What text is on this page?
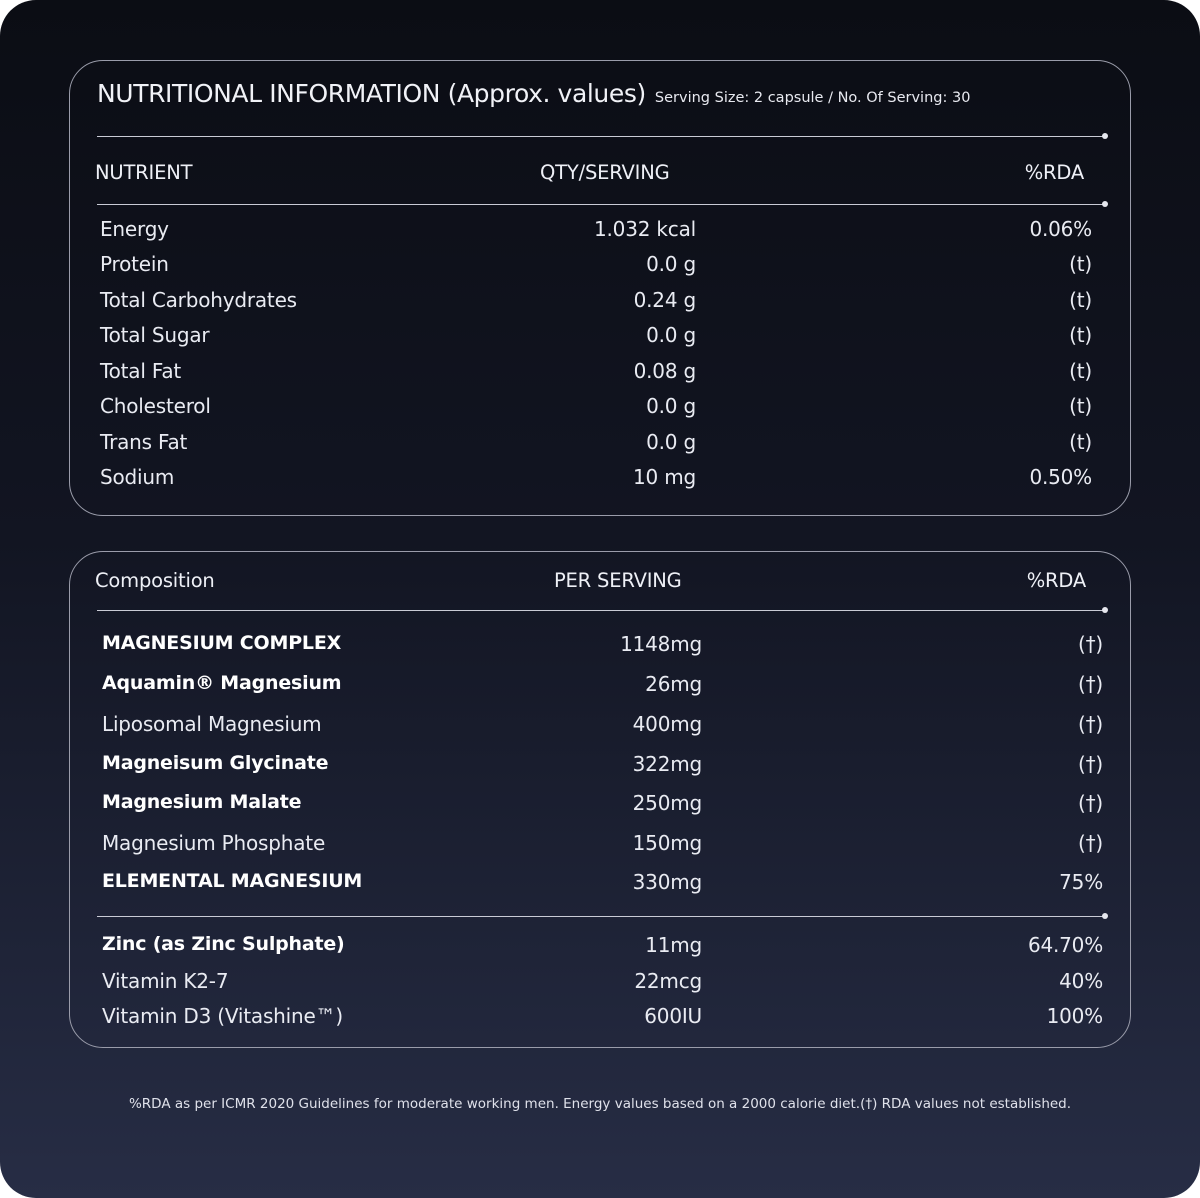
NUTRITIONAL INFORMATION (Approx. values) Serving Size: 2 capsule / No. Of Serving: 30
NUTRIENT	QTY/SERVING	%RDA
Energy	1.032 kcal	0.06%
Protein	0.0 g	(t)
Total Carbohydrates	0.24 g	(t)
Total Sugar	0.0 g	(t)
Total Fat	0.08 g	(t)
Cholesterol	0.0 g	(t)
Trans Fat	0.0 g	(t)
Sodium	10 mg	0.50%
Composition	PER SERVING	%RDA
MAGNESIUM COMPLEX	1148mg	(†)
Aquamin® Magnesium	26mg	(†)
Liposomal Magnesium	400mg	(†)
Magneisum Glycinate	322mg	(†)
Magnesium Malate	250mg	(†)
Magnesium Phosphate	150mg	(†)
ELEMENTAL MAGNESIUM	330mg	75%
Zinc (as Zinc Sulphate)	11mg	64.70%
Vitamin K2-7	22mcg	40%
Vitamin D3 (Vitashine™)	600IU	100%
%RDA as per ICMR 2020 Guidelines for moderate working men. Energy values based on a 2000 calorie diet.(†) RDA values not established.
